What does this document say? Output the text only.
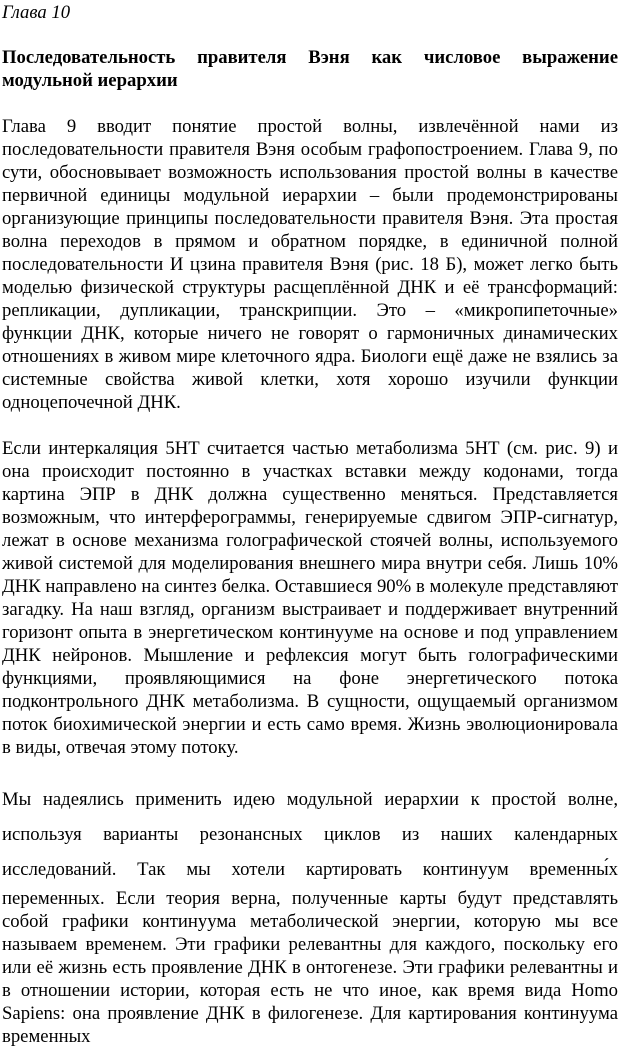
Глава 10

Последовательность правителя Вэня как числовое выражение модульной иерархии

Глава 9 вводит понятие простой волны, извлечённой нами из последовательности правителя Вэня особым графопостроением. Глава 9, по сути, обосновывает возможность использования простой волны в качестве первичной единицы модульной иерархии – были продемонстрированы организующие принципы последовательности правителя Вэня. Эта простая волна переходов в прямом и обратном порядке, в единичной полной последовательности И цзина правителя Вэня (рис. 18 Б), может легко быть моделью физической структуры расщеплённой ДНК и её трансформаций: репликации, дупликации, транскрипции. Это – «микропипеточные» функции ДНК, которые ничего не говорят о гармоничных динамических отношениях в живом мире клеточного ядра. Биологи ещё даже не взялись за системные свойства живой клетки, хотя хорошо изучили функции одноцепочечной ДНК.

Если интеркаляция 5НТ считается частью метаболизма 5НТ (см. рис. 9) и она происходит постоянно в участках вставки между кодонами, тогда картина ЭПР в ДНК должна существенно меняться. Представляется возможным, что интерферограммы, генерируемые сдвигом ЭПР-сигнатур, лежат в основе механизма голографической стоячей волны, используемого живой системой для моделирования внешнего мира внутри себя. Лишь 10% ДНК направлено на синтез белка. Оставшиеся 90% в молекуле представляют загадку. На наш взгляд, организм выстраивает и поддерживает внутренний горизонт опыта в энергетическом континууме на основе и под управлением ДНК нейронов. Мышление и рефлексия могут быть голографическими функциями, проявляющимися на фоне энергетического потока подконтрольного ДНК метаболизма. В сущности, ощущаемый организмом поток биохимической энергии и есть само время. Жизнь эволюционировала в виды, отвечая этому потоку.

Мы надеялись применить идею модульной иерархии к простой волне, используя варианты резонансных циклов из наших календарных исследований. Так мы хотели картировать континуум временны́х переменных. Если теория верна, полученные карты будут представлять собой графики континуума метаболической энергии, которую мы все называем временем. Эти графики релевантны для каждого, поскольку его или её жизнь есть проявление ДНК в онтогенезе. Эти графики релевантны и в отношении истории, которая есть не что иное, как время вида Homo Sapiens: она проявление ДНК в филогенезе. Для картирования континуума временных
